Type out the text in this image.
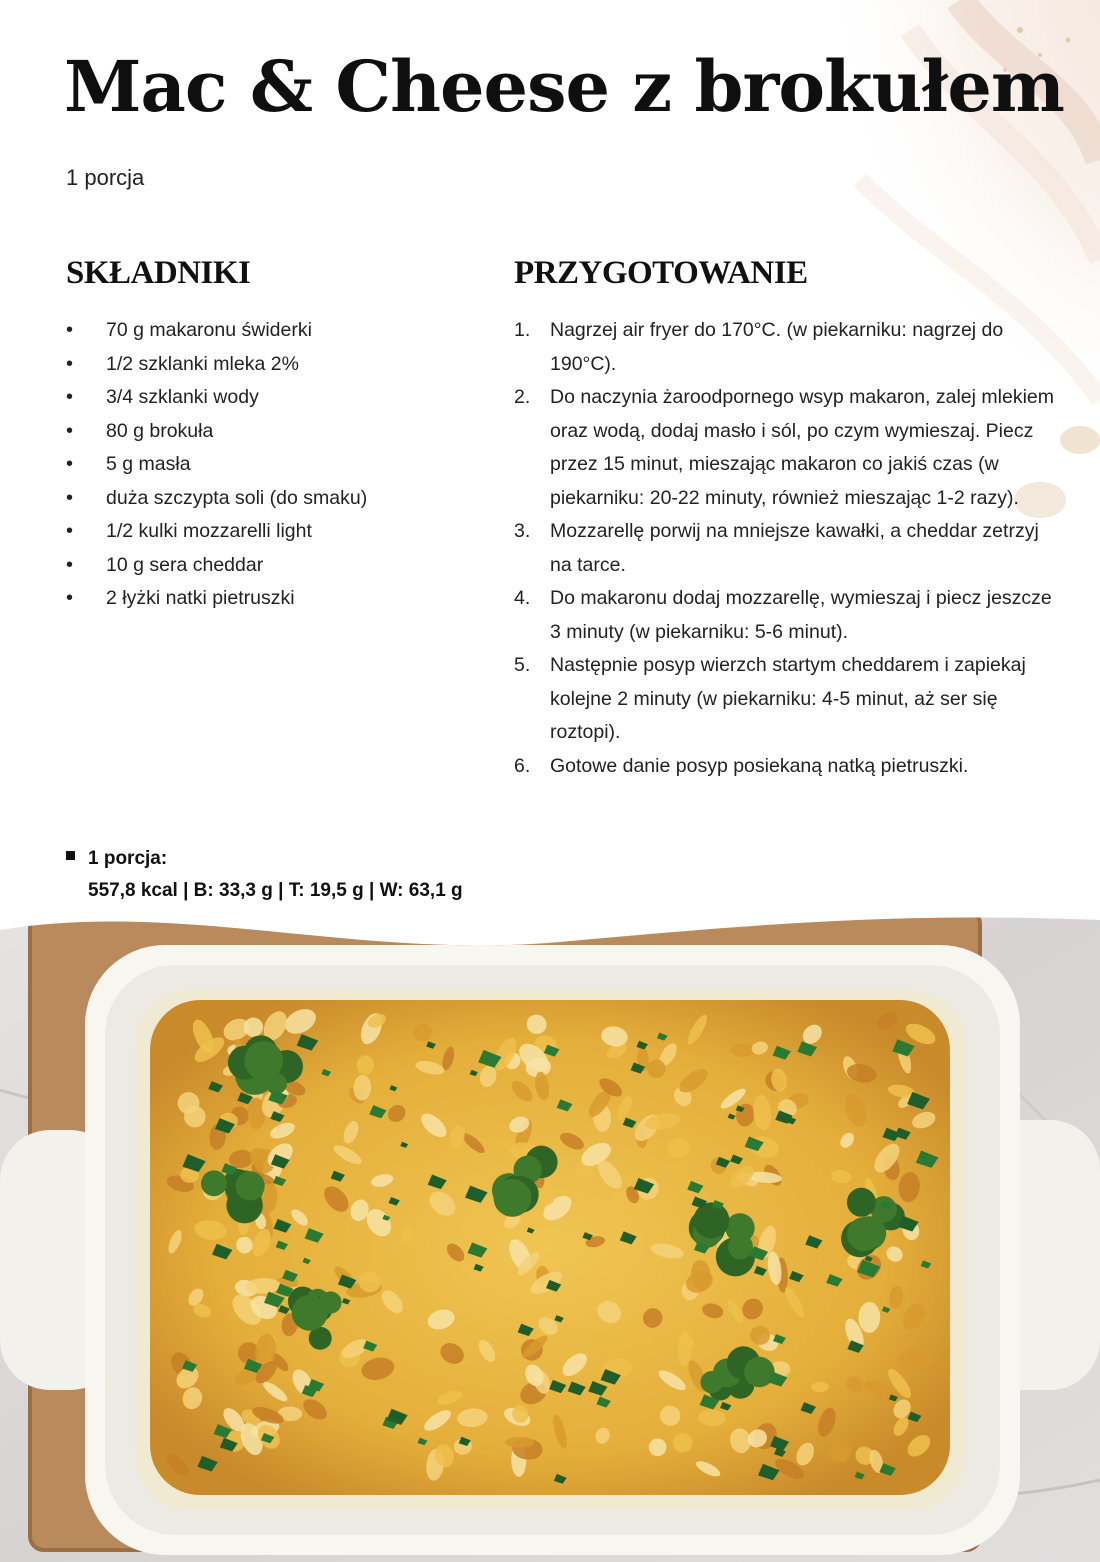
Mac & Cheese z brokułem
1 porcja
SKŁADNIKI
• 70 g makaronu świderki
• 1/2 szklanki mleka 2%
• 3/4 szklanki wody
• 80 g brokuła
• 5 g masła
• duża szczypta soli (do smaku)
• 1/2 kulki mozzarelli light
• 10 g sera cheddar
• 2 łyżki natki pietruszki
PRZYGOTOWANIE
1. Nagrzej air fryer do 170°C. (w piekarniku: nagrzej do 190°C).
2. Do naczynia żaroodpornego wsyp makaron, zalej mlekiem oraz wodą, dodaj masło i sól, po czym wymieszaj. Piecz przez 15 minut, mieszając makaron co jakiś czas (w piekarniku: 20-22 minuty, również mieszając 1-2 razy).
3. Mozzarellę porwij na mniejsze kawałki, a cheddar zetrzyj na tarce.
4. Do makaronu dodaj mozzarellę, wymieszaj i piecz jeszcze 3 minuty (w piekarniku: 5-6 minut).
5. Następnie posyp wierzch startym cheddarem i zapiekaj kolejne 2 minuty (w piekarniku: 4-5 minut, aż ser się roztopi).
6. Gotowe danie posyp posiekaną natką pietruszki.
1 porcja:
557,8 kcal | B: 33,3 g | T: 19,5 g | W: 63,1 g
